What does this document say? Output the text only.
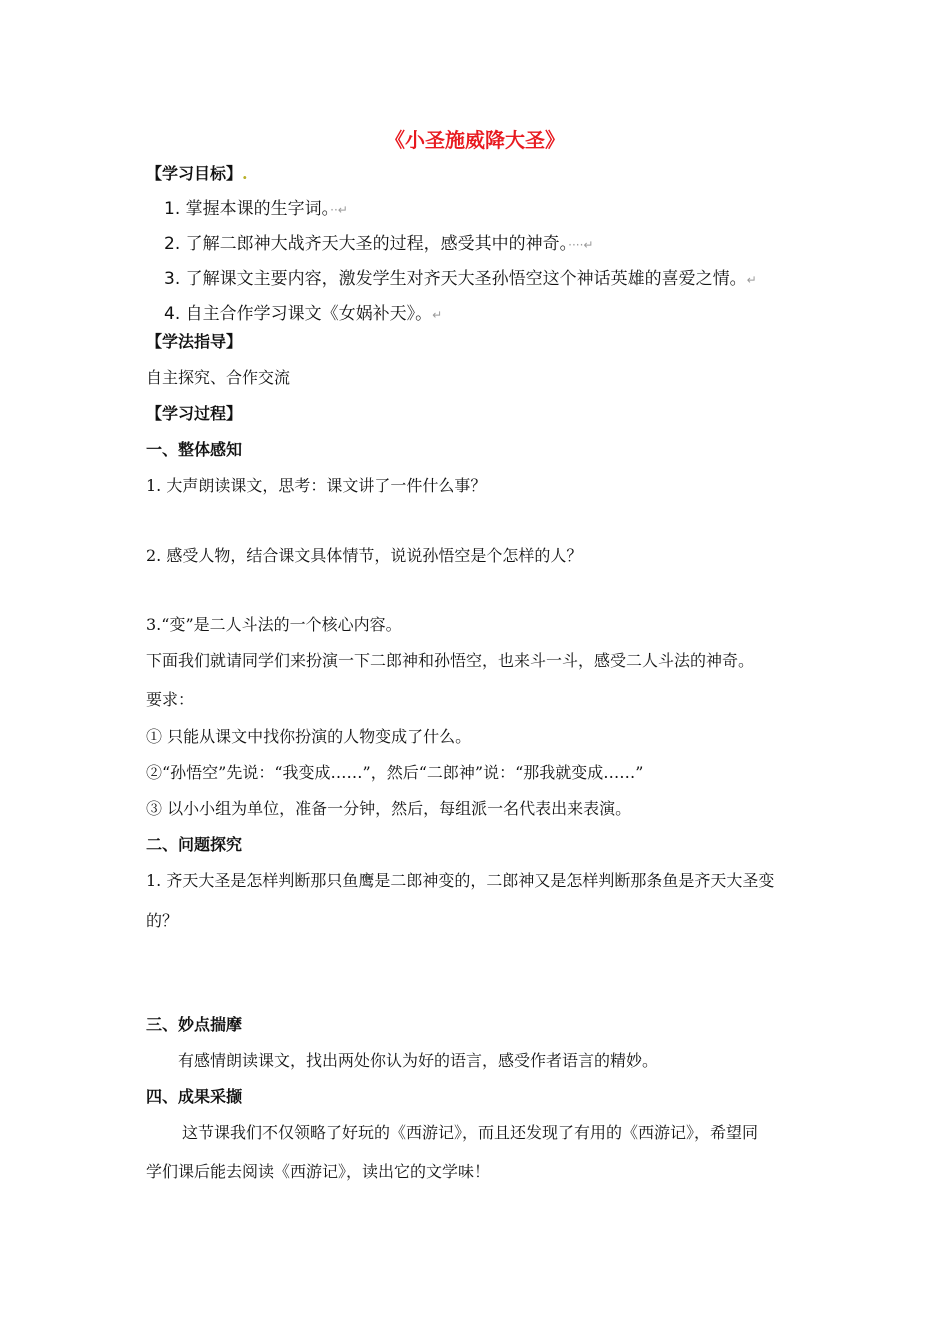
《小圣施威降大圣》
【学习目标】.
1. 掌握本课的生字词。··↵
2. 了解二郎神大战齐天大圣的过程，感受其中的神奇。····↵
3. 了解课文主要内容，激发学生对齐天大圣孙悟空这个神话英雄的喜爱之情。↵
4. 自主合作学习课文《女娲补天》。↵
【学法指导】
自主探究、合作交流
【学习过程】
一、整体感知
1. 大声朗读课文，思考：课文讲了一件什么事？
2. 感受人物，结合课文具体情节，说说孙悟空是个怎样的人？
3.“变”是二人斗法的一个核心内容。
下面我们就请同学们来扮演一下二郎神和孙悟空，也来斗一斗，感受二人斗法的神奇。
要求：
① 只能从课文中找你扮演的人物变成了什么。
②“孙悟空”先说：“我变成……”，然后“二郎神”说：“那我就变成……”
③ 以小小组为单位，准备一分钟，然后，每组派一名代表出来表演。
二、问题探究
1. 齐天大圣是怎样判断那只鱼鹰是二郎神变的，二郎神又是怎样判断那条鱼是齐天大圣变
的？
三、妙点揣摩
有感情朗读课文，找出两处你认为好的语言，感受作者语言的精妙。
四、成果采撷
这节课我们不仅领略了好玩的《西游记》，而且还发现了有用的《西游记》，希望同
学们课后能去阅读《西游记》，读出它的文学味！
